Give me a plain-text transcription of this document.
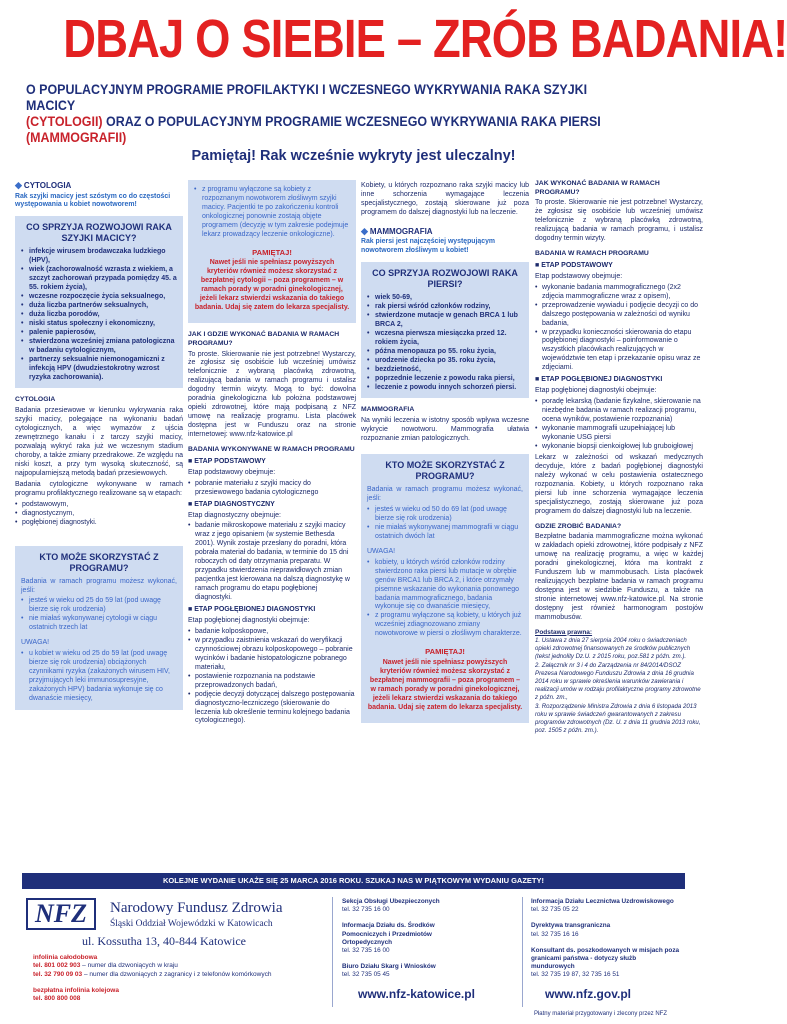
DBAJ O SIEBIE – ZRÓB BADANIA!
O POPULACYJNYM PROGRAMIE PROFILAKTYKI I WCZESNEGO WYKRYWANIA RAKA SZYJKI MACICY
(CYTOLOGII) ORAZ O POPULACYJNYM PROGRAMIE WCZESNEGO WYKRYWANIA RAKA PIERSI
(MAMMOGRAFII)
Pamiętaj! Rak wcześnie wykryty jest uleczalny!
◆ CYTOLOGIA
Rak szyjki macicy jest szóstym co do częstości występowania u kobiet nowotworem!
CO SPRZYJA ROZWOJOWI RAKA SZYJKI MACICY?
• infekcje wirusem brodawczaka ludzkiego (HPV),
• wiek (zachorowalność wzrasta z wiekiem, a szczyt zachorowań przypada pomiędzy 45. a 55. rokiem życia),
• wczesne rozpoczęcie życia seksualnego,
• duża liczba partnerów seksualnych,
• duża liczba porodów,
• niski status społeczny i ekonomiczny,
• palenie papierosów,
• stwierdzona wcześniej zmiana patologiczna w badaniu cytologicznym,
• partnerzy seksualnie niemonogamiczni z infekcją HPV (dwudziestokrotny wzrost ryzyka zachorowania).
CYTOLOGIA

Badania przesiewowe w kierunku wykrywania raka szyjki macicy, polegające na wykonaniu badań cytologicznych, a więc wymazów z ujścia zewnętrznego kanału i z tarczy szyjki macicy, pozwalają wykryć raka już we wczesnym stadium choroby, a także zmiany przedrakowe. Ze względu na niski koszt, a przy tym wysoką skuteczność, są najpopularniejszą metodą badań przesiewowych.

Badania cytologiczne wykonywane w ramach programu profilaktycznego realizowane są w etapach:

• podstawowym,
• diagnostycznym,
• pogłębionej diagnostyki.
KTO MOŻE SKORZYSTAĆ Z PROGRAMU?

Badania w ramach programu możesz wykonać, jeśli:

• jesteś w wieku od 25 do 59 lat (pod uwagę bierze się rok urodzenia)
• nie miałaś wykonywanej cytologii w ciągu ostatnich trzech lat

UWAGA!

• u kobiet w wieku od 25 do 59 lat (pod uwagę bierze się rok urodzenia) obciążonych czynnikami ryzyka (zakażonych wirusem HIV, przyjmujących leki immunosupresyjne, zakażonych HPV) badania wykonuje się co dwanaście miesięcy,
• z programu wyłączone są kobiety z rozpoznanym nowotworem złośliwym szyjki macicy. Pacjentki te po zakończeniu kontroli onkologicznej ponownie zostają objęte programem (decyzję w tym zakresie podejmuje lekarz prowadzący leczenie onkologiczne).
PAMIĘTAJ!
Nawet jeśli nie spełniasz powyższych kryteriów również możesz skorzystać z bezpłatnej cytologii – poza programem – w ramach porady w poradni ginekologicznej, jeżeli lekarz stwierdzi wskazania do takiego badania. Udaj się zatem do lekarza specjalisty.
JAK I GDZIE WYKONAĆ BADANIA W RAMACH PROGRAMU?

To proste. Skierowanie nie jest potrzebne! Wystarczy, że zgłosisz się osobiście lub wcześniej umówisz telefonicznie z wybraną placówką zdrowotną, realizującą badania w ramach programu i ustalisz dogodny termin wizyty. Mogą to być: dowolna poradnia ginekologiczna lub położna podstawowej opieki zdrowotnej, które mają podpisaną z NFZ umowę na realizację programu. Lista placówek dostępna jest w Funduszu oraz na stronie internetowej: www.nfz-katowice.pl

BADANIA WYKONYWANE W RAMACH PROGRAMU
■ ETAP PODSTAWOWY

Etap podstawowy obejmuje:

• pobranie materiału z szyjki macicy do przesiewowego badania cytologicznego
■ ETAP DIAGNOSTYCZNY

Etap diagnostyczny obejmuje:

• badanie mikroskopowe materiału z szyjki macicy wraz z jego opisaniem (w systemie Bethesda 2001). Wynik zostaje przesłany do poradni, która pobrała materiał do badania, w terminie do 15 dni roboczych od daty otrzymania preparatu. W przypadku stwierdzenia nieprawidłowych zmian pacjentka jest kierowana na dalszą diagnostykę w ramach programu do etapu pogłębionej diagnostyki.
■ ETAP POGŁĘBIONEJ DIAGNOSTYKI

Etap pogłębionej diagnostyki obejmuje:

• badanie kolposkopowe,
• w przypadku zaistnienia wskazań do weryfikacji czynnościowej obrazu kolposkopowego – pobranie wycinków i badanie histopatologiczne pobranego materiału,
• postawienie rozpoznania na podstawie przeprowadzonych badań,
• podjęcie decyzji dotyczącej dalszego postępowania diagnostyczno-leczniczego (skierowanie do leczenia lub określenie terminu kolejnego badania cytologicznego).

Kobiety, u których rozpoznano raka szyjki macicy lub inne schorzenia wymagające leczenia specjalistycznego, zostają skierowane już poza programem do dalszej diagnostyki lub na leczenie.

◆ MAMMOGRAFIA
Rak piersi jest najczęściej występującym nowotworem złośliwym u kobiet!
CO SPRZYJA ROZWOJOWI RAKA PIERSI?
• wiek 50-69,
• rak piersi wśród członków rodziny,
• stwierdzone mutacje w genach BRCA 1 lub BRCA 2,
• wczesna pierwsza miesiączka przed 12. rokiem życia,
• późna menopauza po 55. roku życia,
• urodzenie dziecka po 35. roku życia,
• bezdzietność,
• poprzednie leczenie z powodu raka piersi,
• leczenie z powodu innych schorzeń piersi.
MAMMOGRAFIA

Na wyniki leczenia w istotny sposób wpływa wczesne wykrycie nowotworu. Mammografia ułatwia rozpoznanie zmian patologicznych.

KTO MOŻE SKORZYSTAĆ Z PROGRAMU?

Badania w ramach programu możesz wykonać, jeśli:

• jesteś w wieku od 50 do 69 lat (pod uwagę bierze się rok urodzenia)
• nie miałaś wykonywanej mammografii w ciągu ostatnich dwóch lat

UWAGA!

• kobiety, u których wśród członków rodziny stwierdzono raka piersi lub mutacje w obrębie genów BRCA1 lub BRCA 2, i które otrzymały pisemne wskazanie do wykonania ponownego badania mammograficznego, badania wykonuje się co dwanaście miesięcy,
• z programu wyłączone są kobiety, u których już wcześniej zdiagnozowano zmiany nowotworowe w piersi o złośliwym charakterze.
PAMIĘTAJ!
Nawet jeśli nie spełniasz powyższych kryteriów również możesz skorzystać z bezpłatnej mammografii – poza programem – w ramach porady w poradni ginekologicznej, jeżeli lekarz stwierdzi wskazania do takiego badania. Udaj się zatem do lekarza specjalisty.
JAK WYKONAĆ BADANIA W RAMACH PROGRAMU?

To proste. Skierowanie nie jest potrzebne! Wystarczy, że zgłosisz się osobiście lub wcześniej umówisz telefonicznie z wybraną placówką zdrowotną, realizującą badania w ramach programu, i ustalisz dogodny termin wizyty.

BADANIA W RAMACH PROGRAMU
■ ETAP PODSTAWOWY

Etap podstawowy obejmuje:

• wykonanie badania mammograficznego (2x2 zdjęcia mammograficzne wraz z opisem),
• przeprowadzenie wywiadu i podjęcie decyzji co do dalszego postępowania w zależności od wyniku badania,
• w przypadku konieczności skierowania do etapu pogłębionej diagnostyki – poinformowanie o wszystkich placówkach realizujących w województwie ten etap i przekazanie opisu wraz ze zdjęciami.
■ ETAP POGŁĘBIONEJ DIAGNOSTYKI

Etap pogłębionej diagnostyki obejmuje:

• poradę lekarską (badanie fizykalne, skierowanie na niezbędne badania w ramach realizacji programu, ocena wyników, postawienie rozpoznania)
• wykonanie mammografii uzupełniającej lub wykonanie USG piersi
• wykonanie biopsji cienkoigłowej lub gruboigłowej

Lekarz w zależności od wskazań medycznych decyduje, które z badań pogłębionej diagnostyki należy wykonać w celu postawienia ostatecznego rozpoznania. Kobiety, u których rozpoznano raka piersi lub inne schorzenia wymagające leczenia specjalistycznego, zostają skierowane już poza programem do dalszej diagnostyki lub na leczenie.

GDZIE ZROBIĆ BADANIA?

Bezpłatne badania mammograficzne można wykonać w zakładach opieki zdrowotnej, które podpisały z NFZ umowę na realizację programu, a więc w każdej poradni ginekologicznej, która ma kontrakt z Funduszem lub w mammobusach. Lista placówek realizujących bezpłatne badania w ramach programu dostępna jest w siedzibie Funduszu, a także na stronie internetowej www.nfz-katowice.pl. Na stronie dostępny jest również harmonogram postojów mammobusów.

Podstawa prawna:
1. Ustawa z dnia 27 sierpnia 2004 roku o świadczeniach opieki zdrowotnej finansowanych ze środków publicznych (tekst jednolity Dz.U. z 2015 roku, poz.581 z późn. zm.).
2. Załącznik nr 3 i 4 do Zarządzenia nr 84/2014/DSOZ Prezesa Narodowego Funduszu Zdrowia z dnia 16 grudnia 2014 roku w sprawie określenia warunków zawierania i realizacji umów w rodzaju profilaktyczne programy zdrowotne z późn. zm.,
3. Rozporządzenie Ministra Zdrowia z dnia 6 listopada 2013 roku w sprawie świadczeń gwarantowanych z zakresu programów zdrowotnych (Dz. U. z dnia 11 grudnia 2013 roku, poz. 1505 z późn. zm.).
KOLEJNE WYDANIE UKAŻE SIĘ 25 MARCA 2016 ROKU. SZUKAJ NAS W PIĄTKOWYM WYDANIU GAZETY!
NFZ	Narodowy Fundusz Zdrowia
Śląski Oddział Wojewódzki w Katowicach
ul. Kossutha 13, 40-844 Katowice
infolinia całodobowa
tel. 801 002 903 – numer dla dzwoniących w kraju
tel. 32 790 09 03 – numer dla dzwoniących z zagranicy i z telefonów komórkowych
bezpłatna infolinia kolejowa
tel. 800 800 008
Sekcja Obsługi Ubezpieczonych
tel. 32 735 16 00
Informacja Działu ds. Środków Pomocniczych i Przedmiotów Ortopedycznych
tel. 32 735 16 00
Biuro Działu Skarg i Wniosków
tel. 32 735 05 45
Informacja Działu Lecznictwa Uzdrowiskowego
tel. 32 735 05 22
Dyrektywa transgraniczna
tel. 32 735 16 16
Konsultant ds. poszkodowanych w misjach poza granicami państwa - dotyczy służb mundurowych
tel. 32 735 19 87, 32 735 16 51
www.nfz-katowice.pl	www.nfz.gov.pl
Płatny materiał przygotowany i zlecony przez NFZ
